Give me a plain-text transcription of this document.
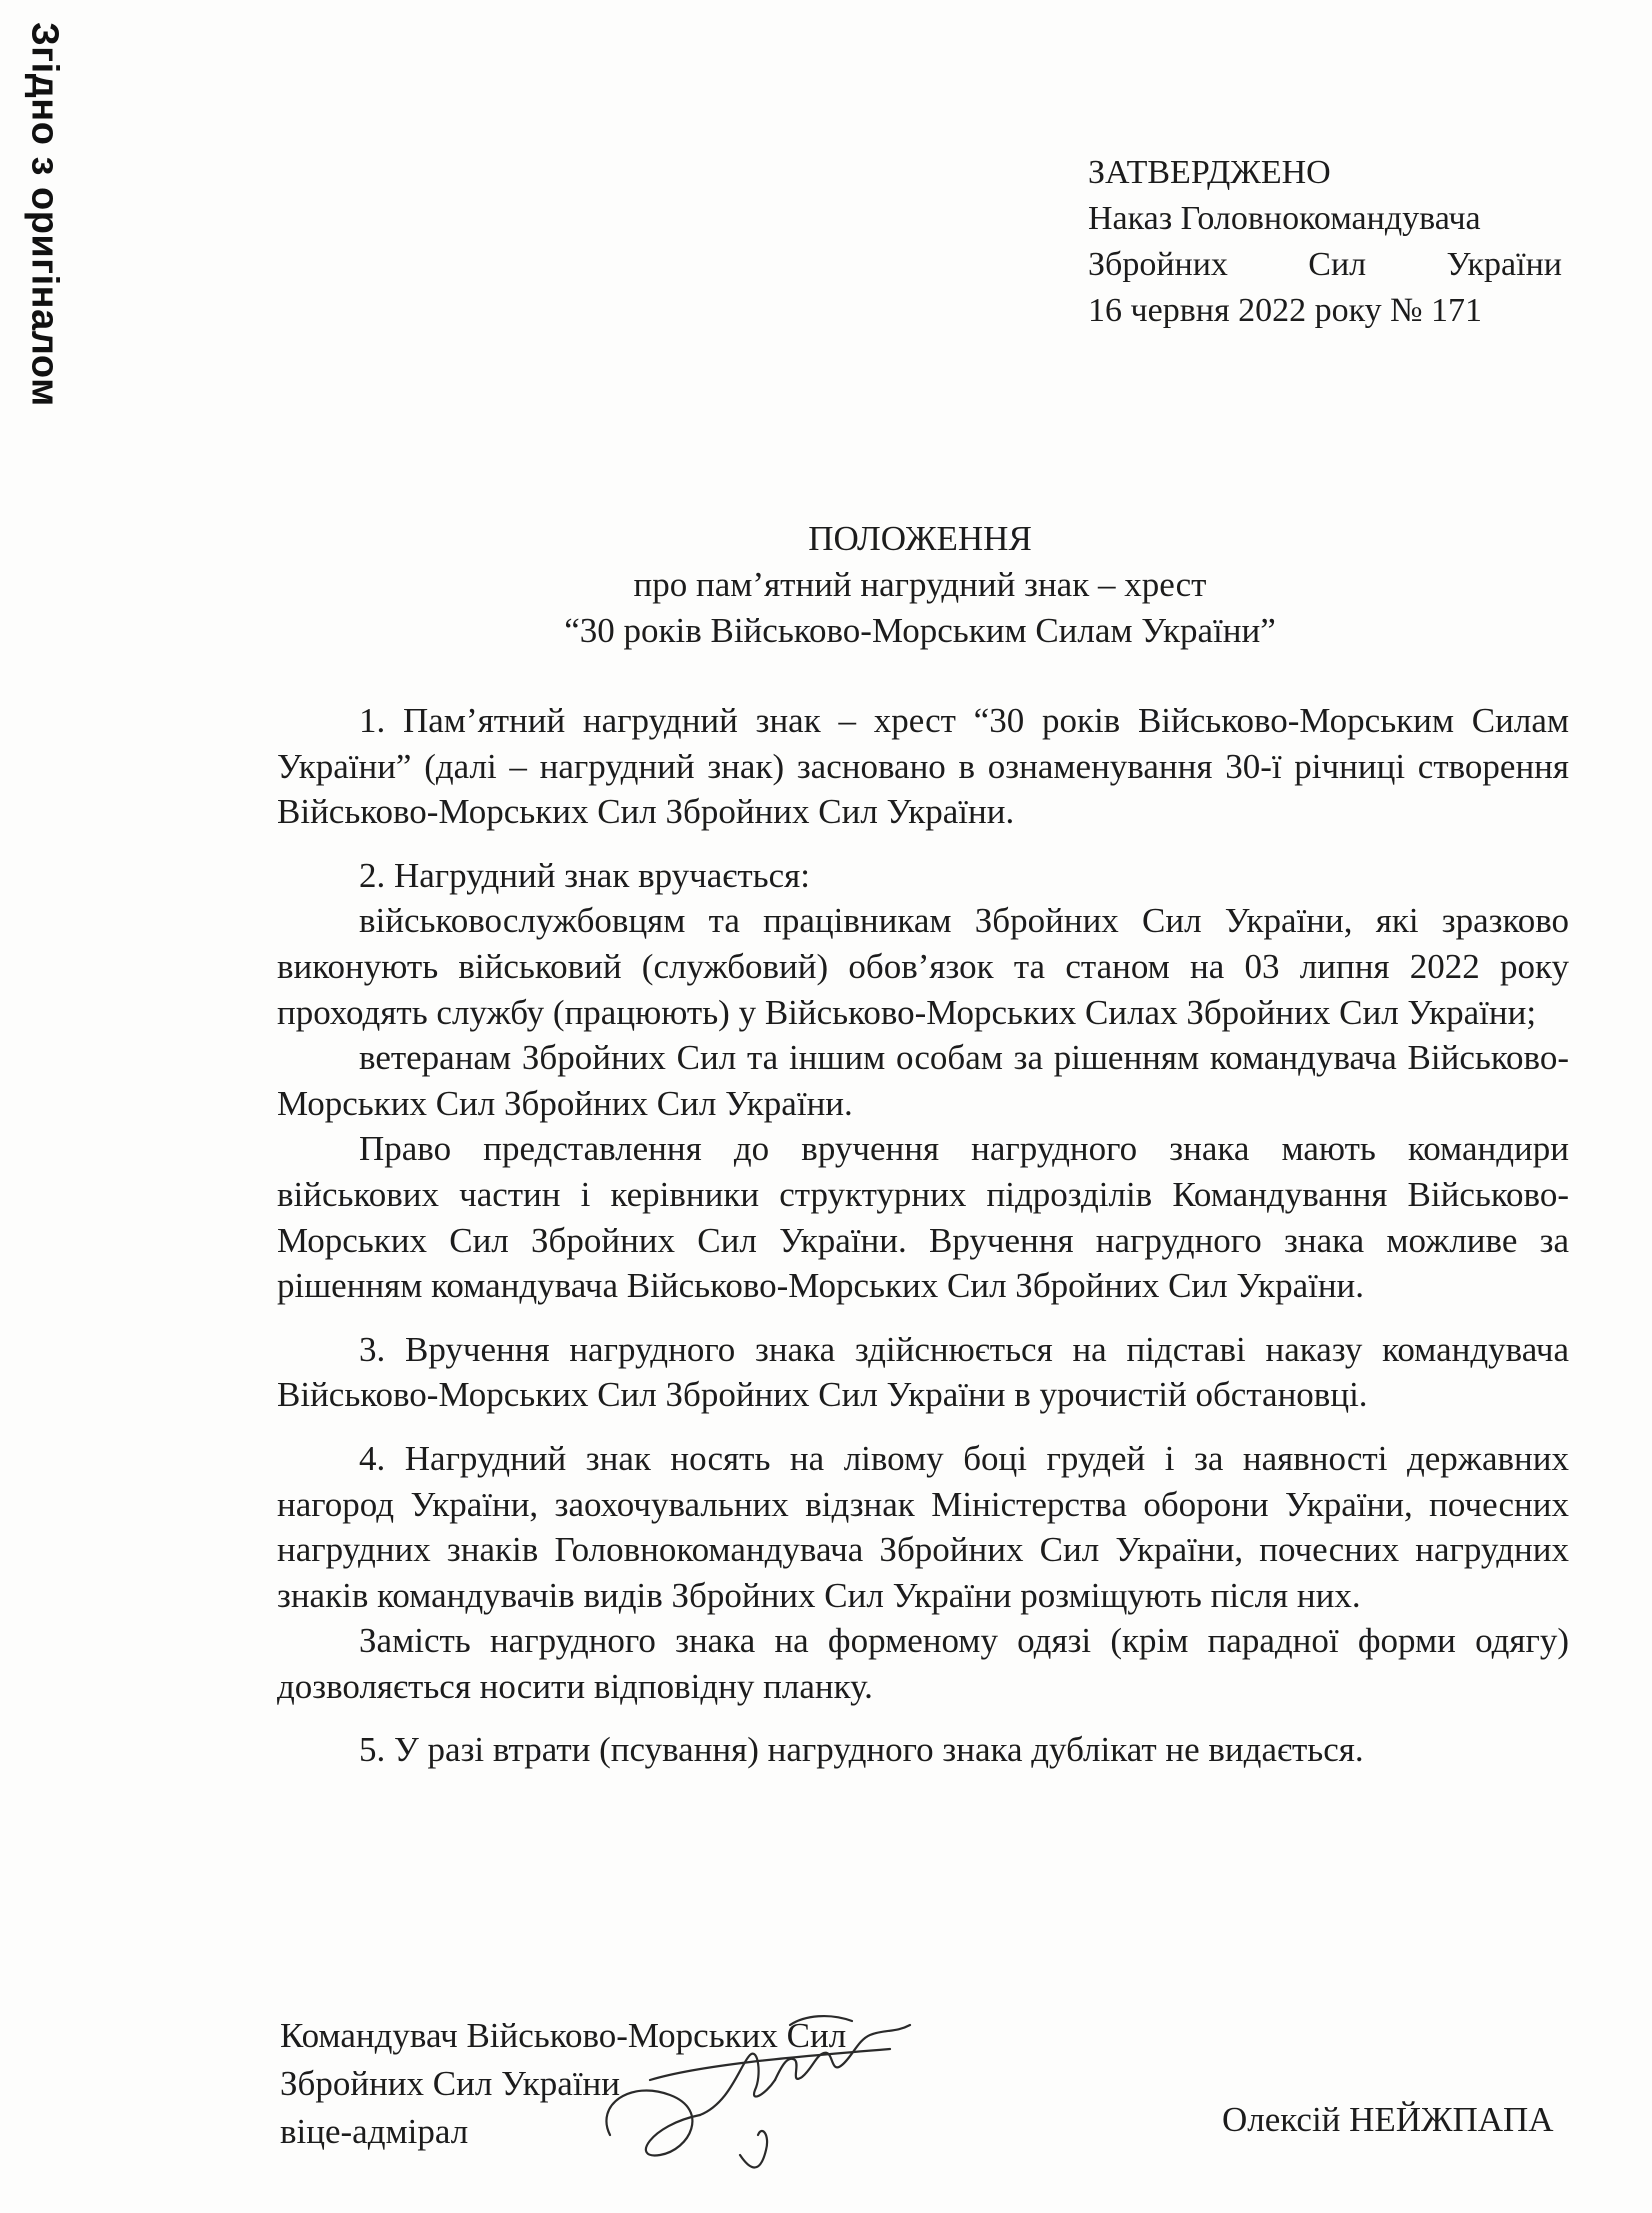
Згідно з оригіналом	ЗАТВЕРДЖЕНО
Наказ Головнокомандувача
Збройних Сил України
16 червня 2022 року № 171
ПОЛОЖЕННЯ
про пам’ятний нагрудний знак – хрест
“30 років Військово-Морським Силам України”

1. Пам’ятний нагрудний знак – хрест “30 років Військово-Морським Силам України” (далі – нагрудний знак) засновано в ознаменування 30-ї річниці створення Військово-Морських Сил Збройних Сил України.

2. Нагрудний знак вручається:

військовослужбовцям та працівникам Збройних Сил України, які зразково виконують військовий (службовий) обов’язок та станом на 03 липня 2022 року проходять службу (працюють) у Військово-Морських Силах Збройних Сил України;

ветеранам Збройних Сил та іншим особам за рішенням командувача Військово-Морських Сил Збройних Сил України.

Право представлення до вручення нагрудного знака мають командири військових частин і керівники структурних підрозділів Командування Військово-Морських Сил Збройних Сил України. Вручення нагрудного знака можливе за рішенням командувача Військово-Морських Сил Збройних Сил України.

3. Вручення нагрудного знака здійснюється на підставі наказу командувача Військово-Морських Сил Збройних Сил України в урочистій обстановці.

4. Нагрудний знак носять на лівому боці грудей і за наявності державних нагород України, заохочувальних відзнак Міністерства оборони України, почесних нагрудних знаків Головнокомандувача Збройних Сил України, почесних нагрудних знаків командувачів видів Збройних Сил України розміщують після них.

Замість нагрудного знака на форменому одязі (крім парадної форми одягу) дозволяється носити відповідну планку.

5. У разі втрати (псування) нагрудного знака дублікат не видається.

Командувач Військово-Морських Сил
Збройних Сил України
віце-адмірал	Олексій НЕЙЖПАПА
